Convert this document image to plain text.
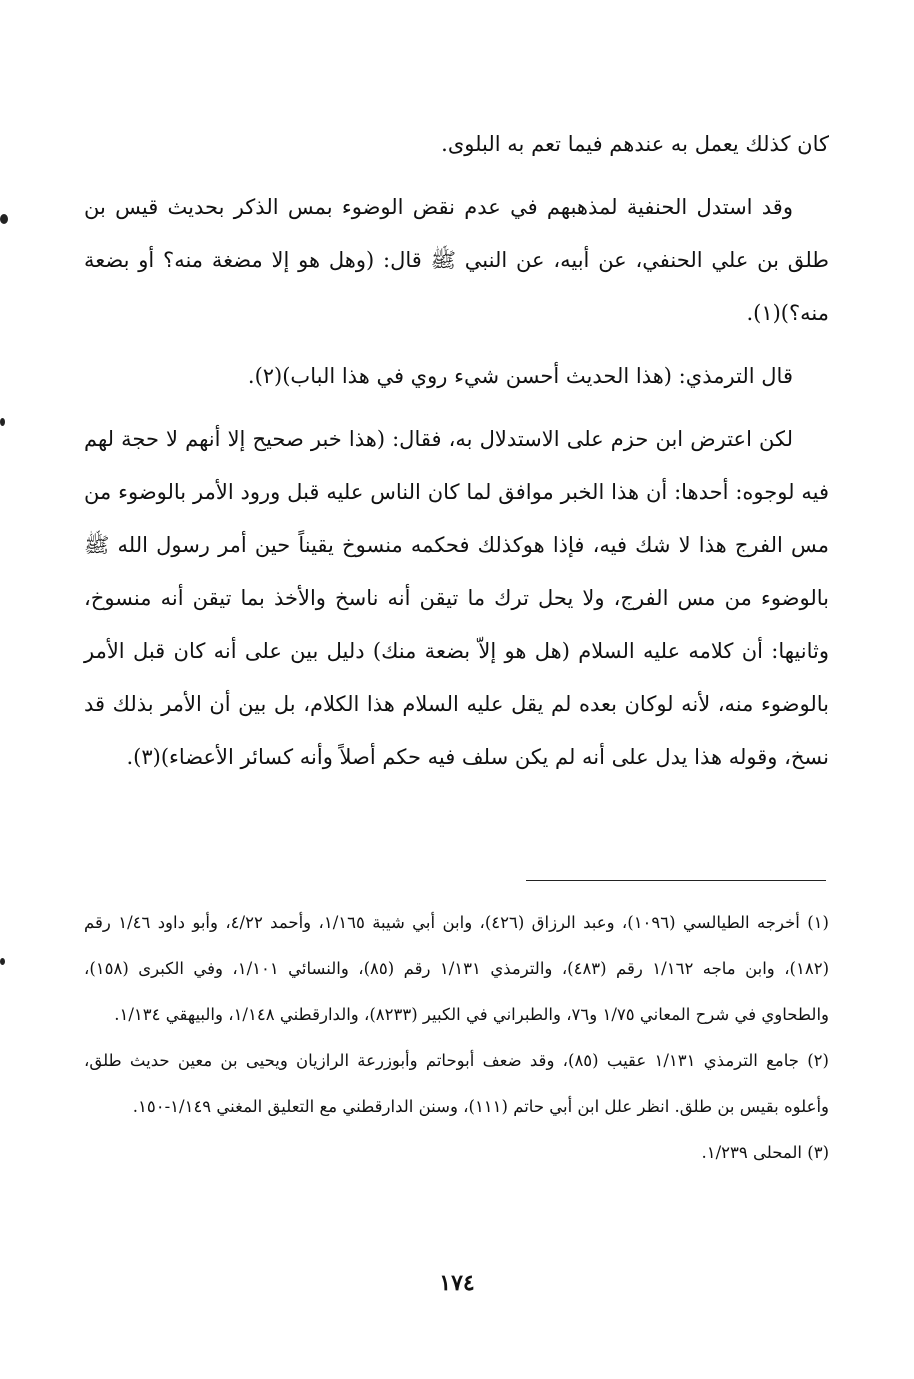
كان كذلك يعمل به عندهم فيما تعم به البلوى.

وقد استدل الحنفية لمذهبهم في عدم نقض الوضوء بمس الذكر بحديث قيس بن طلق بن علي الحنفي، عن أبيه، عن النبي ﷺ قال: (وهل هو إلا مضغة منه؟ أو بضعة منه؟)(١).

قال الترمذي: (هذا الحديث أحسن شيء روي في هذا الباب)(٢).

لكن اعترض ابن حزم على الاستدلال به، فقال: (هذا خبر صحيح إلا أنهم لا حجة لهم فيه لوجوه: أحدها: أن هذا الخبر موافق لما كان الناس عليه قبل ورود الأمر بالوضوء من مس الفرج هذا لا شك فيه، فإذا هوكذلك فحكمه منسوخ يقيناً حين أمر رسول الله ﷺ بالوضوء من مس الفرج، ولا يحل ترك ما تيقن أنه ناسخ والأخذ بما تيقن أنه منسوخ، وثانيها: أن كلامه عليه السلام (هل هو إلاّ بضعة منك) دليل بين على أنه كان قبل الأمر بالوضوء منه، لأنه لوكان بعده لم يقل عليه السلام هذا الكلام، بل بين أن الأمر بذلك قد نسخ، وقوله هذا يدل على أنه لم يكن سلف فيه حكم أصلاً وأنه كسائر الأعضاء)(٣).

(١) أخرجه الطيالسي (١٠٩٦)، وعبد الرزاق (٤٢٦)، وابن أبي شيبة ١/١٦٥، وأحمد ٤/٢٢، وأبو داود ١/٤٦ رقم (١٨٢)، وابن ماجه ١/١٦٢ رقم (٤٨٣)، والترمذي ١/١٣١ رقم (٨٥)، والنسائي ١/١٠١، وفي الكبرى (١٥٨)، والطحاوي في شرح المعاني ١/٧٥ و٧٦، والطبراني في الكبير (٨٢٣٣)، والدارقطني ١/١٤٨، والبيهقي ١/١٣٤.

(٢) جامع الترمذي ١/١٣١ عقيب (٨٥)، وقد ضعف أبوحاتم وأبوزرعة الرازيان ويحيى بن معين حديث طلق، وأعلوه بقيس بن طلق. انظر علل ابن أبي حاتم (١١١)، وسنن الدارقطني مع التعليق المغني ١/١٤٩-١٥٠.

(٣) المحلى ١/٢٣٩.

١٧٤
